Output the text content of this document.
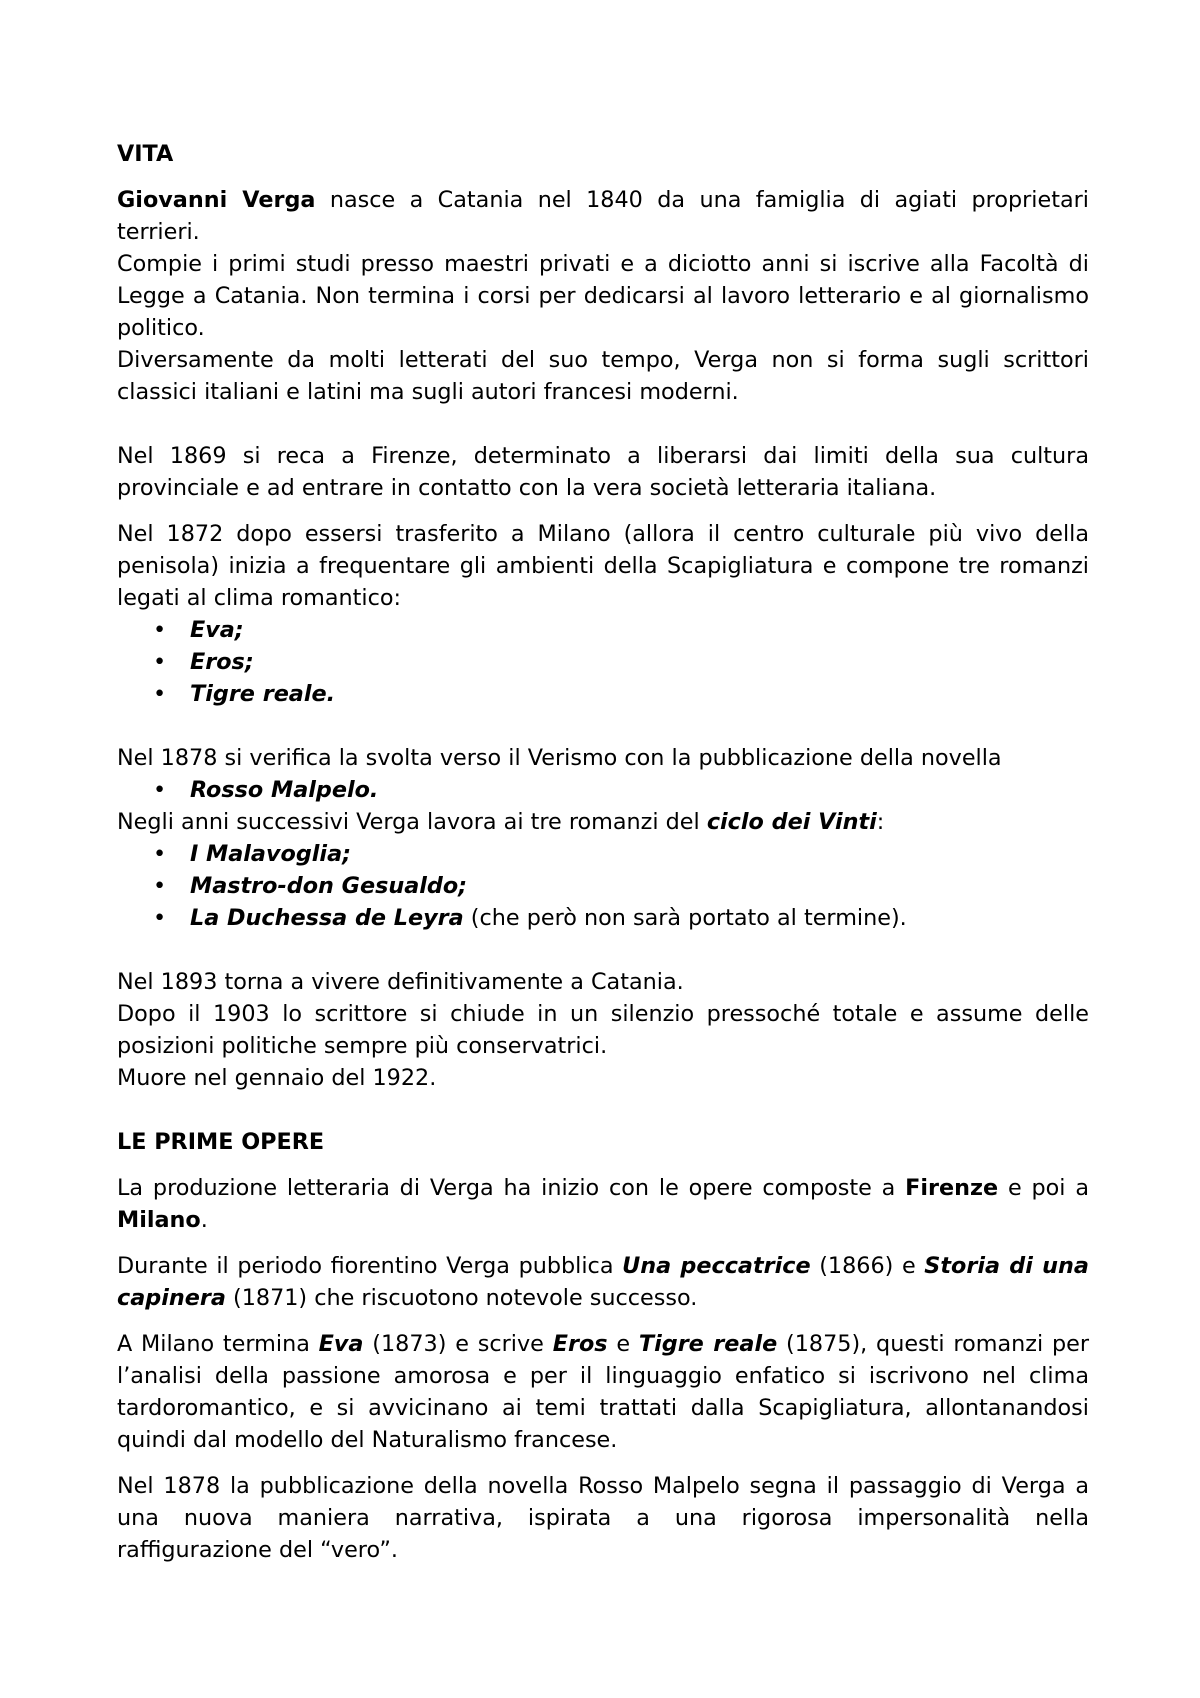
VITA

Giovanni Verga nasce a Catania nel 1840 da una famiglia di agiati proprietari terrieri.

Compie i primi studi presso maestri privati e a diciotto anni si iscrive alla Facoltà di Legge a Catania. Non termina i corsi per dedicarsi al lavoro letterario e al giornalismo politico.

Diversamente da molti letterati del suo tempo, Verga non si forma sugli scrittori classici italiani e latini ma sugli autori francesi moderni.

Nel 1869 si reca a Firenze, determinato a liberarsi dai limiti della sua cultura provinciale e ad entrare in contatto con la vera società letteraria italiana.

Nel 1872 dopo essersi trasferito a Milano (allora il centro culturale più vivo della penisola) inizia a frequentare gli ambienti della Scapigliatura e compone tre romanzi legati al clima romantico:

•	Eva;
•	Eros;
•	Tigre reale.

Nel 1878 si verifica la svolta verso il Verismo con la pubblicazione della novella

•	Rosso Malpelo.

Negli anni successivi Verga lavora ai tre romanzi del ciclo dei Vinti:

•	I Malavoglia;
•	Mastro-don Gesualdo;
•	La Duchessa de Leyra (che però non sarà portato al termine).

Nel 1893 torna a vivere definitivamente a Catania.

Dopo il 1903 lo scrittore si chiude in un silenzio pressoché totale e assume delle posizioni politiche sempre più conservatrici.

Muore nel gennaio del 1922.

LE PRIME OPERE

La produzione letteraria di Verga ha inizio con le opere composte a Firenze e poi a Milano.

Durante il periodo fiorentino Verga pubblica Una peccatrice (1866) e Storia di una capinera (1871) che riscuotono notevole successo.

A Milano termina Eva (1873) e scrive Eros e Tigre reale (1875), questi romanzi per l’analisi della passione amorosa e per il linguaggio enfatico si iscrivono nel clima tardoromantico, e si avvicinano ai temi trattati dalla Scapigliatura, allontanandosi quindi dal modello del Naturalismo francese.

Nel 1878 la pubblicazione della novella Rosso Malpelo segna il passaggio di Verga a una nuova maniera narrativa, ispirata a una rigorosa impersonalità nella raffigurazione del “vero”.
